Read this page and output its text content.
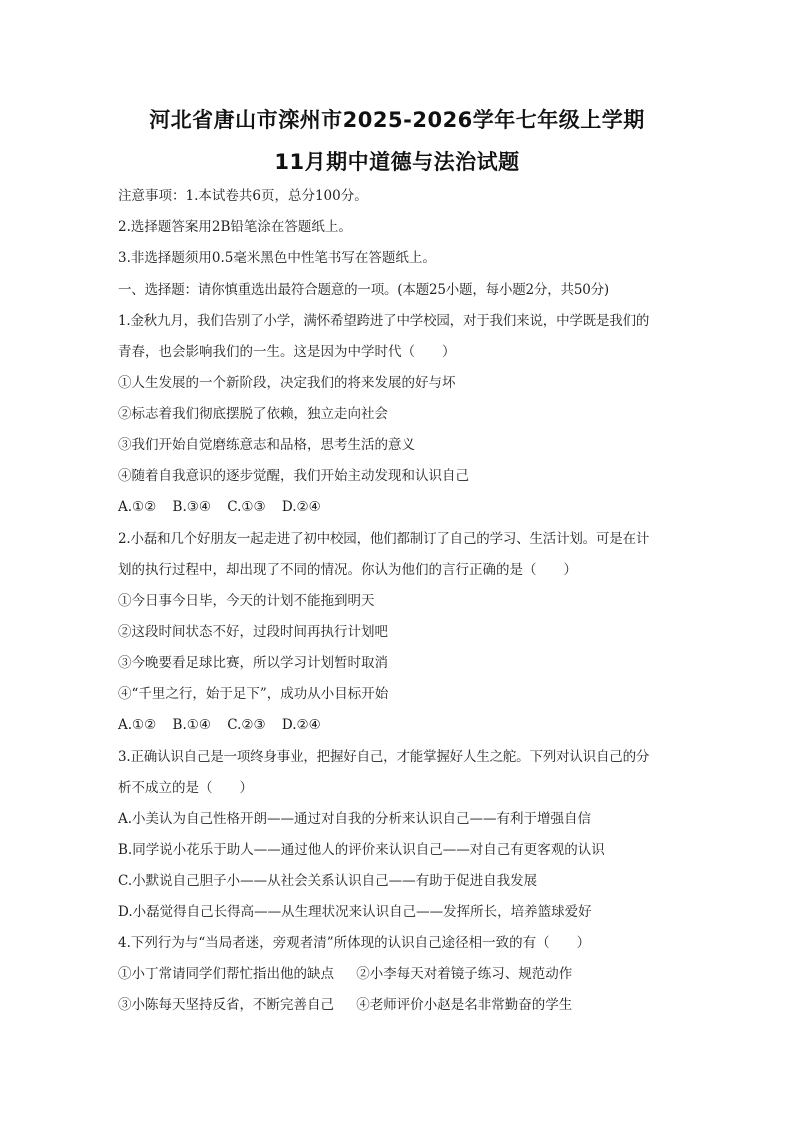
河北省唐山市滦州市2025-2026学年七年级上学期
11月期中道德与法治试题
注意事项：1.本试卷共6页，总分100分。
2.选择题答案用2B铅笔涂在答题纸上。
3.非选择题须用0.5毫米黑色中性笔书写在答题纸上。
一、选择题：请你慎重选出最符合题意的一项。(本题25小题，每小题2分，共50分)
1.金秋九月，我们告别了小学，满怀希望跨进了中学校园，对于我们来说，中学既是我们的
青春，也会影响我们的一生。这是因为中学时代（　　）
①人生发展的一个新阶段，决定我们的将来发展的好与坏
②标志着我们彻底摆脱了依赖，独立走向社会
③我们开始自觉磨练意志和品格，思考生活的意义
④随着自我意识的逐步觉醒，我们开始主动发现和认识自己
A.①② B.③④ C.①③ D.②④
2.小磊和几个好朋友一起走进了初中校园，他们都制订了自己的学习、生活计划。可是在计
划的执行过程中，却出现了不同的情况。你认为他们的言行正确的是（　　）
①今日事今日毕，今天的计划不能拖到明天
②这段时间状态不好，过段时间再执行计划吧
③今晚要看足球比赛，所以学习计划暂时取消
④“千里之行，始于足下”，成功从小目标开始
A.①② B.①④ C.②③ D.②④
3.正确认识自己是一项终身事业，把握好自己，才能掌握好人生之舵。下列对认识自己的分
析不成立的是（　　）
A.小美认为自己性格开朗——通过对自我的分析来认识自己——有利于增强自信
B.同学说小花乐于助人——通过他人的评价来认识自己——对自己有更客观的认识
C.小默说自己胆子小——从社会关系认识自己——有助于促进自我发展
D.小磊觉得自己长得高——从生理状况来认识自己——发挥所长，培养篮球爱好
4.下列行为与“当局者迷，旁观者清”所体现的认识自己途径相一致的有（　　）
①小丁常请同学们帮忙指出他的缺点 ②小李每天对着镜子练习、规范动作
③小陈每天坚持反省，不断完善自己 ④老师评价小赵是名非常勤奋的学生
